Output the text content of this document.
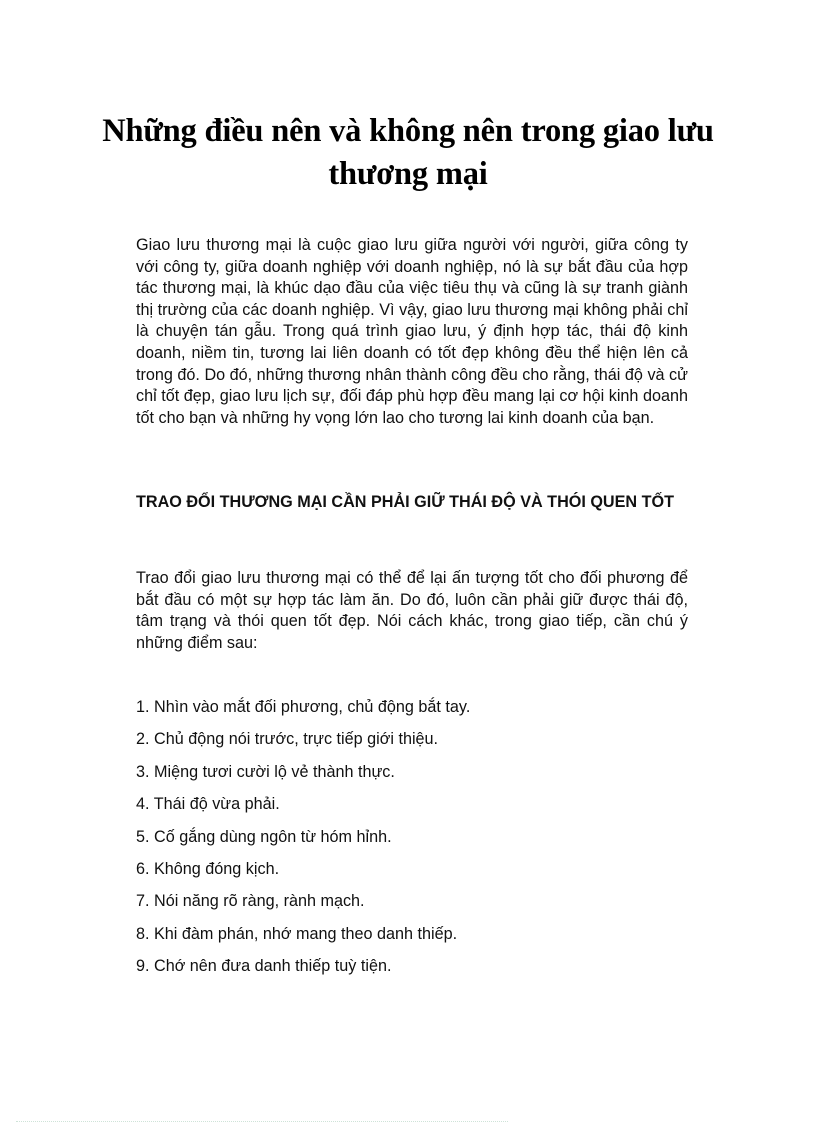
Những điều nên và không nên trong giao lưu thương mại

Giao lưu thương mại là cuộc giao lưu giữa người với người, giữa công ty với công ty, giữa doanh nghiệp với doanh nghiệp, nó là sự bắt đầu của hợp tác thương mại, là khúc dạo đầu của việc tiêu thụ và cũng là sự tranh giành thị trường của các doanh nghiệp. Vì vậy, giao lưu thương mại không phải chỉ là chuyện tán gẫu. Trong quá trình giao lưu, ý định hợp tác, thái độ kinh doanh, niềm tin, tương lai liên doanh có tốt đẹp không đều thể hiện lên cả trong đó. Do đó, những thương nhân thành công đều cho rằng, thái độ và cử chỉ tốt đẹp, giao lưu lịch sự, đối đáp phù hợp đều mang lại cơ hội kinh doanh tốt cho bạn và những hy vọng lớn lao cho tương lai kinh doanh của bạn.

TRAO ĐỔI THƯƠNG MẠI CẦN PHẢI GIỮ THÁI ĐỘ VÀ THÓI QUEN TỐT

Trao đổi giao lưu thương mại có thể để lại ấn tượng tốt cho đối phương để bắt đầu có một sự hợp tác làm ăn. Do đó, luôn cần phải giữ được thái độ, tâm trạng và thói quen tốt đẹp. Nói cách khác, trong giao tiếp, cần chú ý những điểm sau:

1. Nhìn vào mắt đối phương, chủ động bắt tay.
2. Chủ động nói trước, trực tiếp giới thiệu.
3. Miệng tươi cười lộ vẻ thành thực.
4. Thái độ vừa phải.
5. Cố gắng dùng ngôn từ hóm hỉnh.
6. Không đóng kịch.
7. Nói năng rõ ràng, rành mạch.
8. Khi đàm phán, nhớ mang theo danh thiếp.
9. Chớ nên đưa danh thiếp tuỳ tiện.
